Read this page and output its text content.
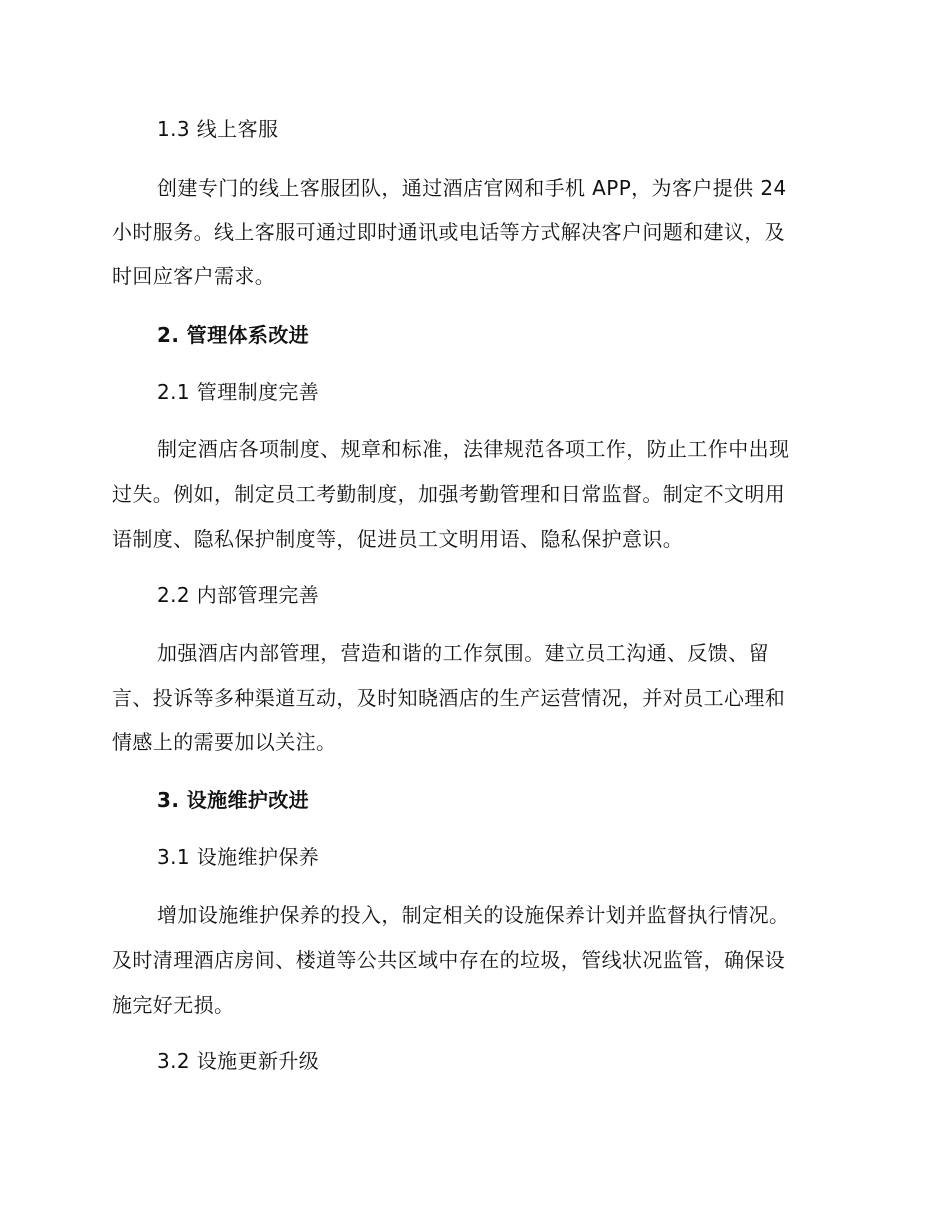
1.3 线上客服
创建专门的线上客服团队，通过酒店官网和手机 APP，为客户提供 24
小时服务。线上客服可通过即时通讯或电话等方式解决客户问题和建议，及
时回应客户需求。
2. 管理体系改进
2.1 管理制度完善
制定酒店各项制度、规章和标准，法律规范各项工作，防止工作中出现
过失。例如，制定员工考勤制度，加强考勤管理和日常监督。制定不文明用
语制度、隐私保护制度等，促进员工文明用语、隐私保护意识。
2.2 内部管理完善
加强酒店内部管理，营造和谐的工作氛围。建立员工沟通、反馈、留
言、投诉等多种渠道互动，及时知晓酒店的生产运营情况，并对员工心理和
情感上的需要加以关注。
3. 设施维护改进
3.1 设施维护保养
增加设施维护保养的投入，制定相关的设施保养计划并监督执行情况。
及时清理酒店房间、楼道等公共区域中存在的垃圾，管线状况监管，确保设
施完好无损。
3.2 设施更新升级
